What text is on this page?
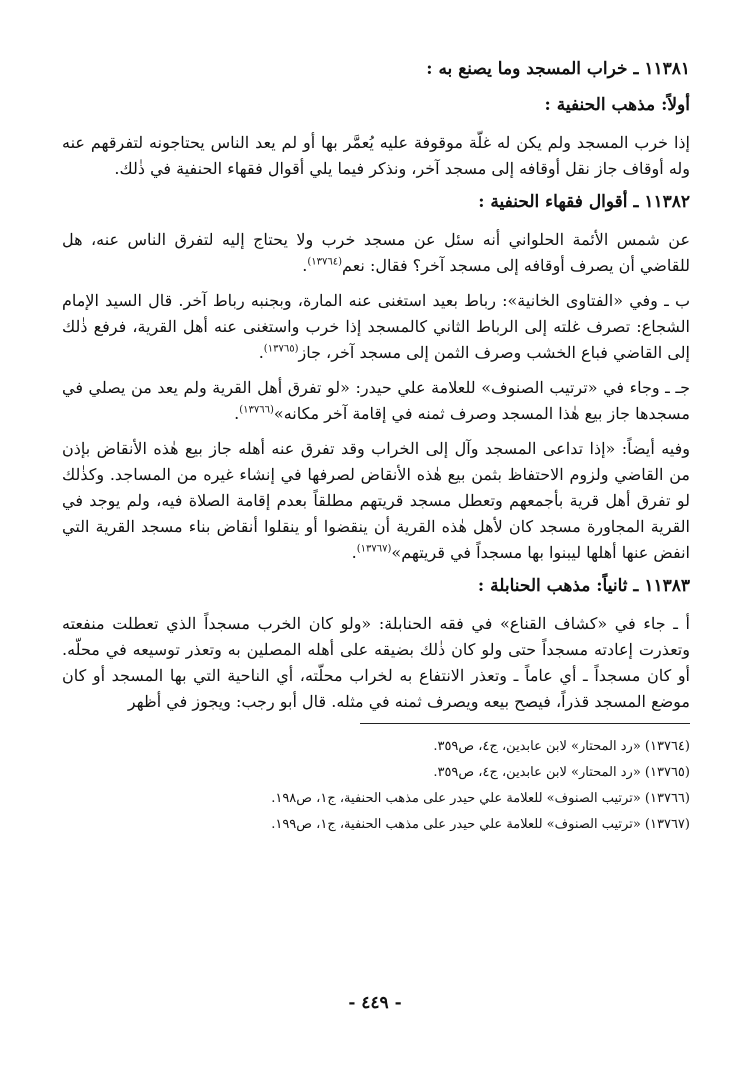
١١٣٨١ ـ خراب المسجد وما يصنع به :

أولاً: مذهب الحنفية :

إذا خرب المسجد ولم يكن له غلّة موقوفة عليه يُعمَّر بها أو لم يعد الناس يحتاجونه لتفرقهم عنه وله أوقاف جاز نقل أوقافه إلى مسجد آخر، ونذكر فيما يلي أقوال فقهاء الحنفية في ذٰلك.

١١٣٨٢ ـ أقوال فقهاء الحنفية :

عن شمس الأئمة الحلواني أنه سئل عن مسجد خرب ولا يحتاج إليه لتفرق الناس عنه، هل للقاضي أن يصرف أوقافه إلى مسجد آخر؟ فقال: نعم$^{(١٣٧٦٤)}$.

ب ـ وفي «الفتاوى الخانية»: رباط بعيد استغنى عنه المارة، وبجنبه رباط آخر. قال السيد الإمام الشجاع: تصرف غلته إلى الرباط الثاني كالمسجد إذا خرب واستغنى عنه أهل القرية، فرفع ذٰلك إلى القاضي فباع الخشب وصرف الثمن إلى مسجد آخر، جاز$^{(١٣٧٦٥)}$.

جـ ـ وجاء في «ترتيب الصنوف» للعلامة علي حيدر: «لو تفرق أهل القرية ولم يعد من يصلي في مسجدها جاز بيع هٰذا المسجد وصرف ثمنه في إقامة آخر مكانه»$^{(١٣٧٦٦)}$.

وفيه أيضاً: «إذا تداعى المسجد وآل إلى الخراب وقد تفرق عنه أهله جاز بيع هٰذه الأنقاض بإذن من القاضي ولزوم الاحتفاظ بثمن بيع هٰذه الأنقاض لصرفها في إنشاء غيره من المساجد. وكذٰلك لو تفرق أهل قرية بأجمعهم وتعطل مسجد قريتهم مطلقاً بعدم إقامة الصلاة فيه، ولم يوجد في القرية المجاورة مسجد كان لأهل هٰذه القرية أن ينقضوا أو ينقلوا أنقاض بناء مسجد القرية التي انفض عنها أهلها ليبنوا بها مسجداً في قريتهم»$^{(١٣٧٦٧)}$.

١١٣٨٣ ـ ثانياً: مذهب الحنابلة :

أ ـ جاء في «كشاف القناع» في فقه الحنابلة: «ولو كان الخرب مسجداً الذي تعطلت منفعته وتعذرت إعادته مسجداً حتى ولو كان ذٰلك بضيقه على أهله المصلين به وتعذر توسيعه في محلّه. أو كان مسجداً ـ أي عاماً ـ وتعذر الانتفاع به لخراب محلّته، أي الناحية التي بها المسجد أو كان موضع المسجد قذراً، فيصح بيعه ويصرف ثمنه في مثله. قال أبو رجب: ويجوز في أظهر

(١٣٧٦٤) «رد المحتار» لابن عابدين، ج٤، ص٣٥٩.

(١٣٧٦٥) «رد المحتار» لابن عابدين، ج٤، ص٣٥٩.

(١٣٧٦٦) «ترتيب الصنوف» للعلامة علي حيدر على مذهب الحنفية، ج١، ص١٩٨.

(١٣٧٦٧) «ترتيب الصنوف» للعلامة علي حيدر على مذهب الحنفية، ج١، ص١٩٩.

- ٤٤٩ -
